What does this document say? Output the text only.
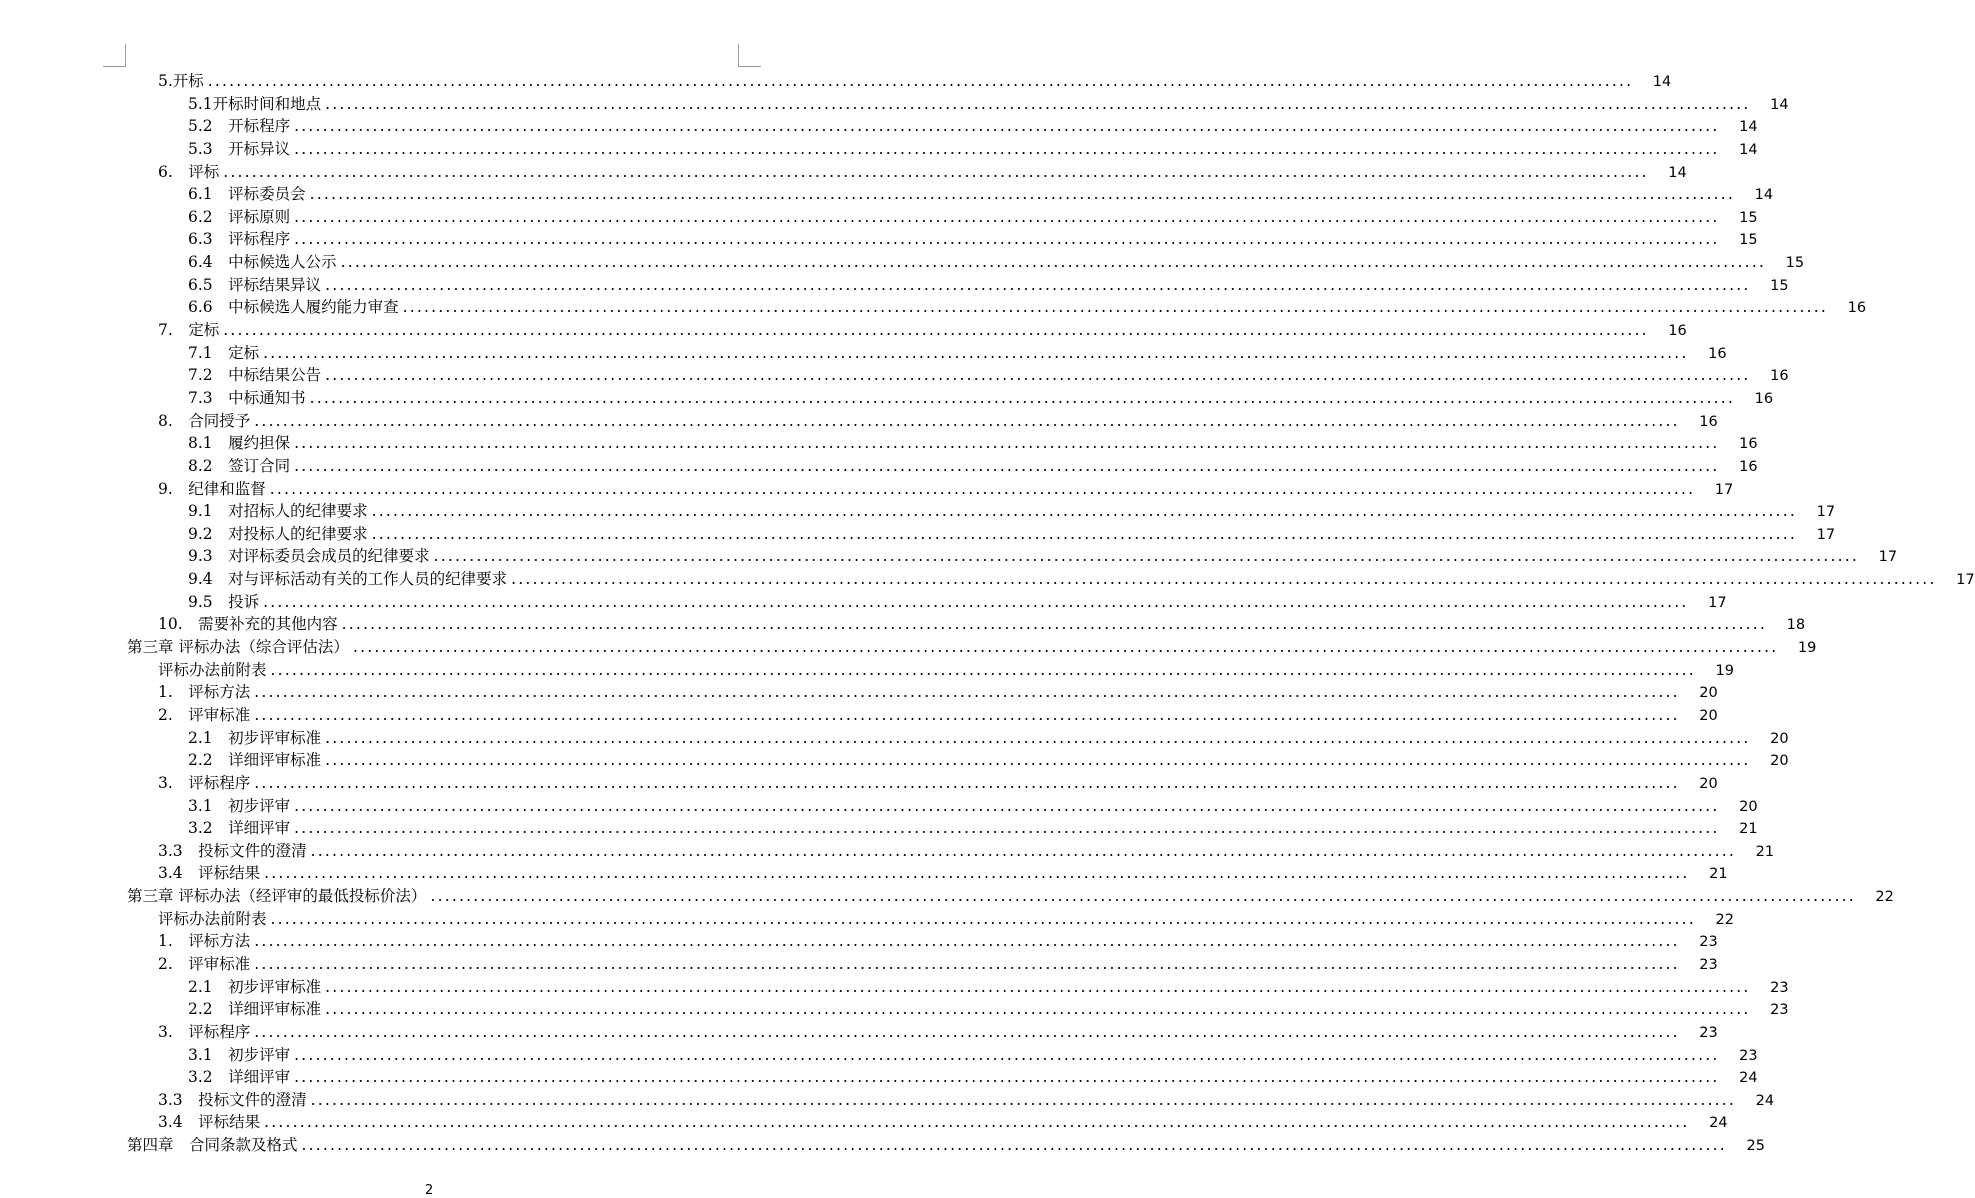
5.开标 ........................................................................................................................................................................................................	14
5.1开标时间和地点 ........................................................................................................................................................................................................	14
5.2　开标程序 ........................................................................................................................................................................................................	14
5.3　开标异议 ........................................................................................................................................................................................................	14
6.　评标 ........................................................................................................................................................................................................	14
6.1　评标委员会 ........................................................................................................................................................................................................	14
6.2　评标原则 ........................................................................................................................................................................................................	15
6.3　评标程序 ........................................................................................................................................................................................................	15
6.4　中标候选人公示 ........................................................................................................................................................................................................	15
6.5　评标结果异议 ........................................................................................................................................................................................................	15
6.6　中标候选人履约能力审查 ........................................................................................................................................................................................................	16
7.　定标 ........................................................................................................................................................................................................	16
7.1　定标 ........................................................................................................................................................................................................	16
7.2　中标结果公告 ........................................................................................................................................................................................................	16
7.3　中标通知书 ........................................................................................................................................................................................................	16
8.　合同授予 ........................................................................................................................................................................................................	16
8.1　履约担保 ........................................................................................................................................................................................................	16
8.2　签订合同 ........................................................................................................................................................................................................	16
9.　纪律和监督 ........................................................................................................................................................................................................	17
9.1　对招标人的纪律要求 ........................................................................................................................................................................................................	17
9.2　对投标人的纪律要求 ........................................................................................................................................................................................................	17
9.3　对评标委员会成员的纪律要求 ........................................................................................................................................................................................................	17
9.4　对与评标活动有关的工作人员的纪律要求 ........................................................................................................................................................................................................	17
9.5　投诉 ........................................................................................................................................................................................................	17
10.　需要补充的其他内容 ........................................................................................................................................................................................................	18
第三章 评标办法（综合评估法） ........................................................................................................................................................................................................	19
评标办法前附表 ........................................................................................................................................................................................................	19
1.　评标方法 ........................................................................................................................................................................................................	20
2.　评审标准 ........................................................................................................................................................................................................	20
2.1　初步评审标准 ........................................................................................................................................................................................................	20
2.2　详细评审标准 ........................................................................................................................................................................................................	20
3.　评标程序 ........................................................................................................................................................................................................	20
3.1　初步评审 ........................................................................................................................................................................................................	20
3.2　详细评审 ........................................................................................................................................................................................................	21
3.3　投标文件的澄清 ........................................................................................................................................................................................................	21
3.4　评标结果 ........................................................................................................................................................................................................	21
第三章 评标办法（经评审的最低投标价法） ........................................................................................................................................................................................................	22
评标办法前附表 ........................................................................................................................................................................................................	22
1.　评标方法 ........................................................................................................................................................................................................	23
2.　评审标准 ........................................................................................................................................................................................................	23
2.1　初步评审标准 ........................................................................................................................................................................................................	23
2.2　详细评审标准 ........................................................................................................................................................................................................	23
3.　评标程序 ........................................................................................................................................................................................................	23
3.1　初步评审 ........................................................................................................................................................................................................	23
3.2　详细评审 ........................................................................................................................................................................................................	24
3.3　投标文件的澄清 ........................................................................................................................................................................................................	24
3.4　评标结果 ........................................................................................................................................................................................................	24
第四章　合同条款及格式 ........................................................................................................................................................................................................	25
2
